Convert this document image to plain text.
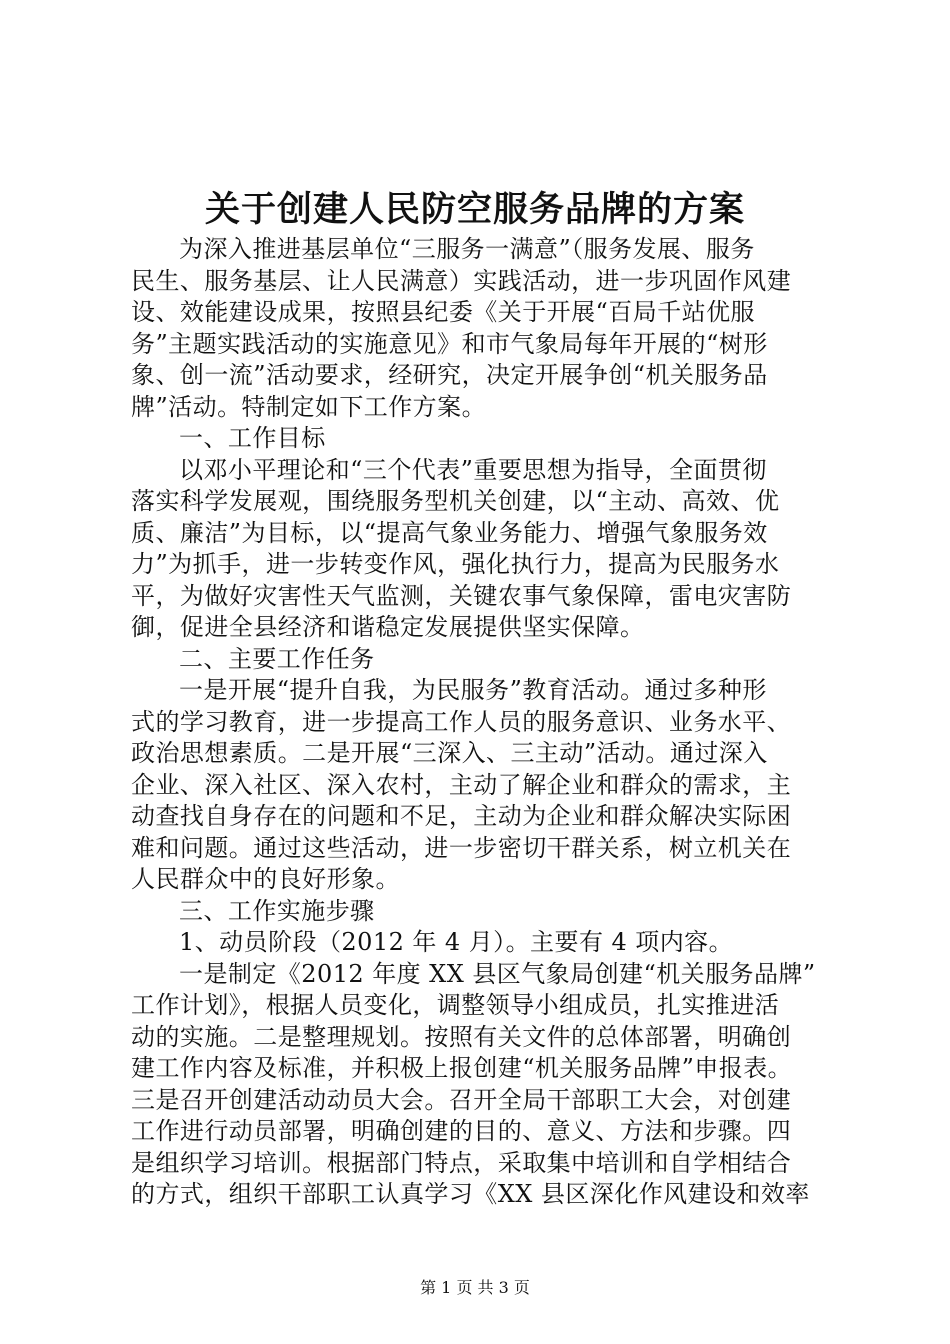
关于创建人民防空服务品牌的方案
为深入推进基层单位“三服务一满意”（服务发展、服务
民生、服务基层、让人民满意）实践活动，进一步巩固作风建
设、效能建设成果，按照县纪委《关于开展“百局千站优服
务”主题实践活动的实施意见》和市气象局每年开展的“树形
象、创一流”活动要求，经研究，决定开展争创“机关服务品
牌”活动。特制定如下工作方案。
一、工作目标
以邓小平理论和“三个代表”重要思想为指导，全面贯彻
落实科学发展观，围绕服务型机关创建，以“主动、高效、优
质、廉洁”为目标，以“提高气象业务能力、增强气象服务效
力”为抓手，进一步转变作风，强化执行力，提高为民服务水
平，为做好灾害性天气监测，关键农事气象保障，雷电灾害防
御，促进全县经济和谐稳定发展提供坚实保障。
二、主要工作任务
一是开展“提升自我，为民服务”教育活动。通过多种形
式的学习教育，进一步提高工作人员的服务意识、业务水平、
政治思想素质。二是开展“三深入、三主动”活动。通过深入
企业、深入社区、深入农村，主动了解企业和群众的需求，主
动查找自身存在的问题和不足，主动为企业和群众解决实际困
难和问题。通过这些活动，进一步密切干群关系，树立机关在
人民群众中的良好形象。
三、工作实施步骤
1、动员阶段（2012 年 4 月）。主要有 4 项内容。
一是制定《2012 年度 XX 县区气象局创建“机关服务品牌”
工作计划》，根据人员变化，调整领导小组成员，扎实推进活
动的实施。二是整理规划。按照有关文件的总体部署，明确创
建工作内容及标准，并积极上报创建“机关服务品牌”申报表。
三是召开创建活动动员大会。召开全局干部职工大会，对创建
工作进行动员部署，明确创建的目的、意义、方法和步骤。四
是组织学习培训。根据部门特点，采取集中培训和自学相结合
的方式，组织干部职工认真学习《XX 县区深化作风建设和效率
第 1 页 共 3 页
